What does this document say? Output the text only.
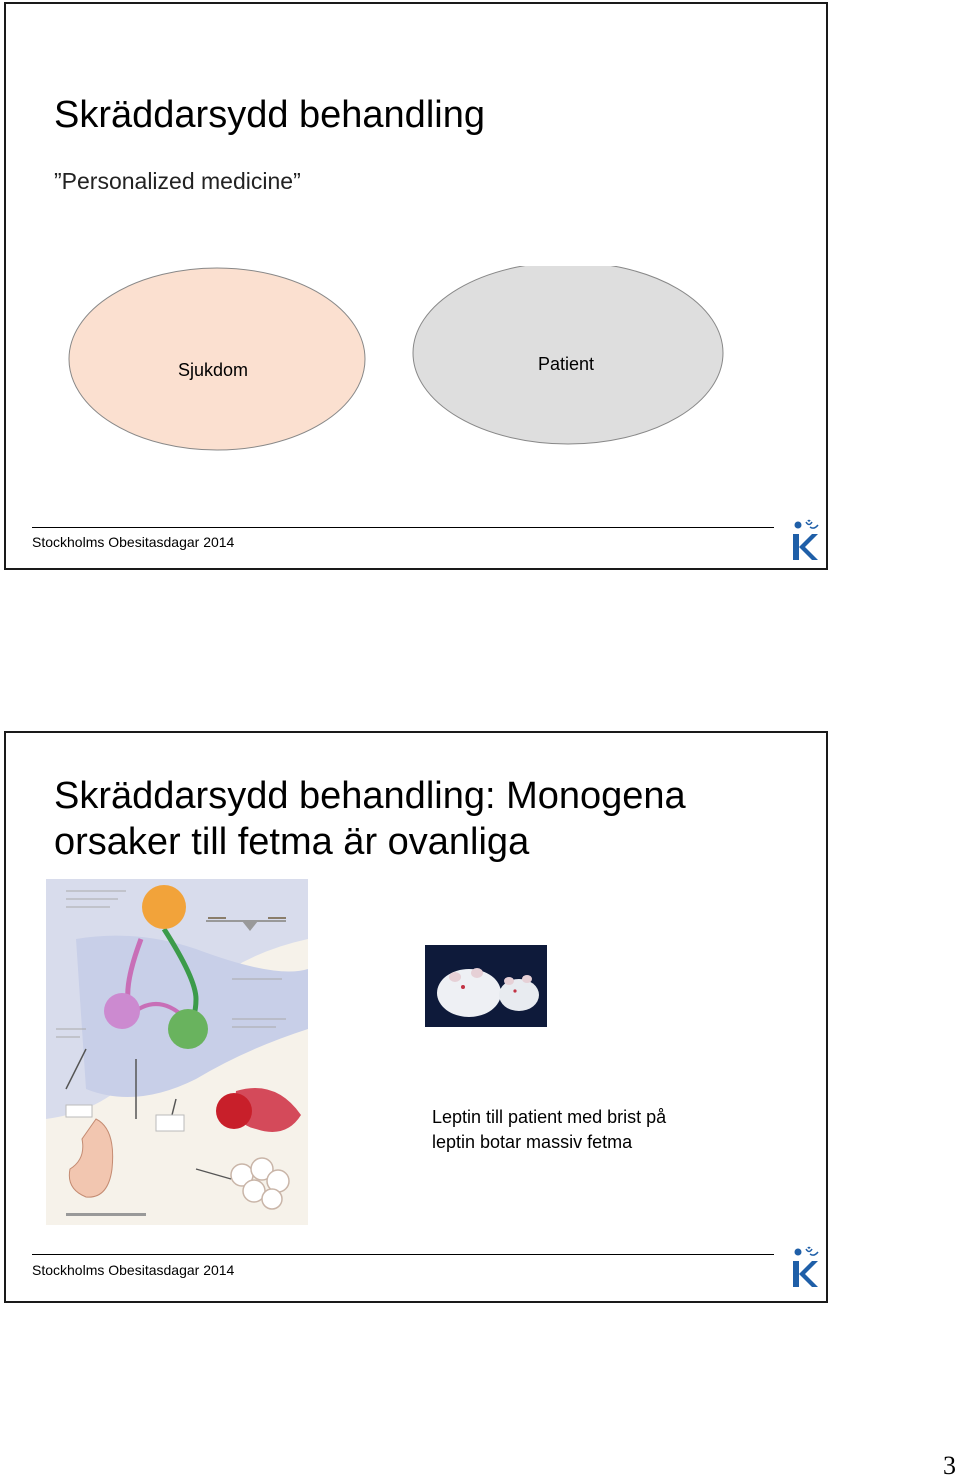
Skräddarsydd behandling
”Personalized medicine”
Sjukdom	Patient
Stockholms Obesitasdagar 2014
Skräddarsydd behandling: Monogena orsaker till fetma är ovanliga
Leptin till patient med brist på
leptin botar massiv fetma
Stockholms Obesitasdagar 2014
3
